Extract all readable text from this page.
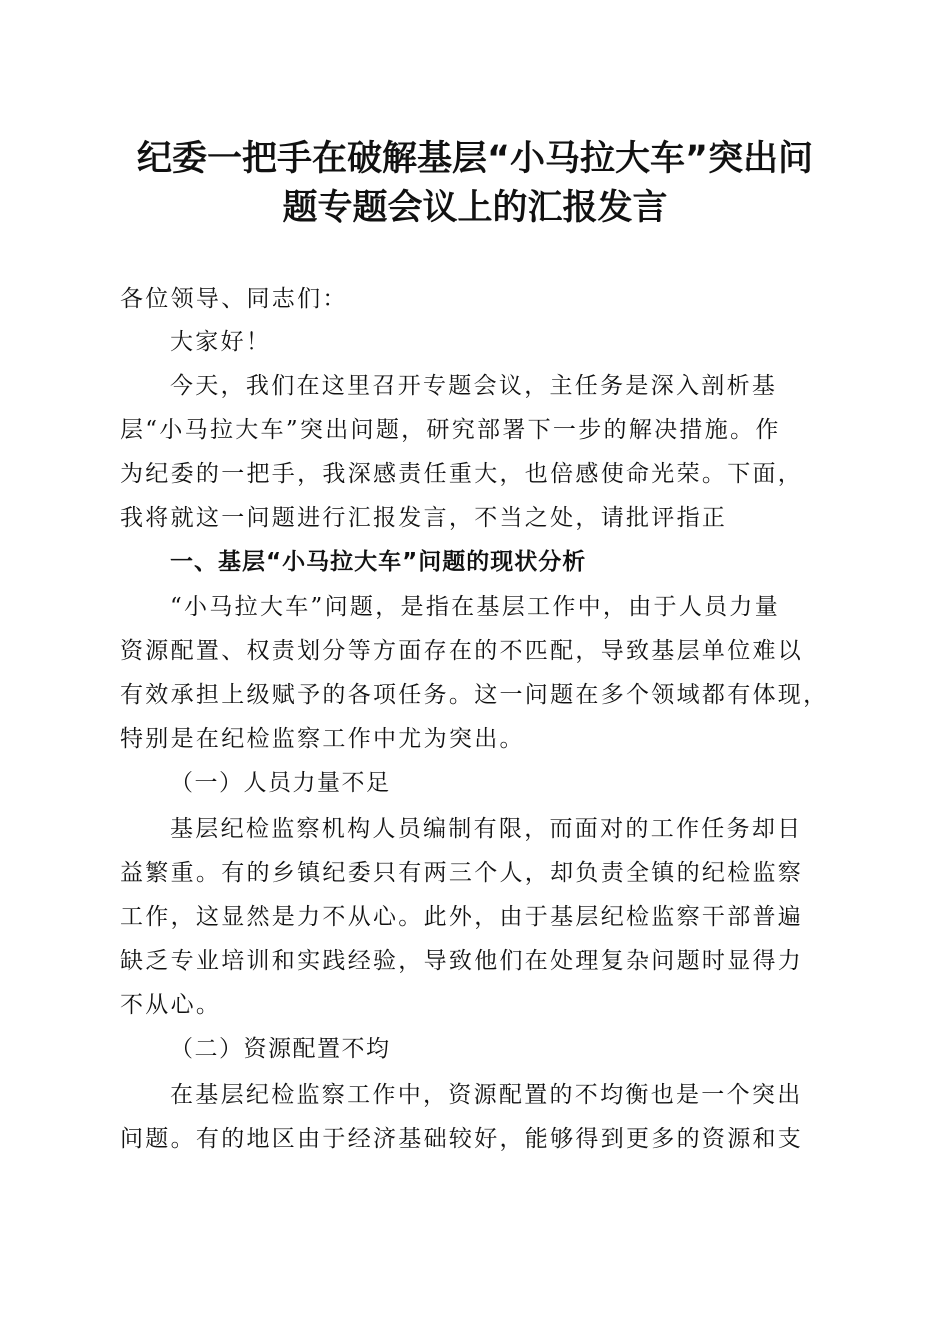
纪委一把手在破解基层“小马拉大车”突出问
题专题会议上的汇报发言
各位领导、同志们：
大家好！
今天，我们在这里召开专题会议，主任务是深入剖析基
层“小马拉大车”突出问题，研究部署下一步的解决措施。作
为纪委的一把手，我深感责任重大，也倍感使命光荣。下面，
我将就这一问题进行汇报发言，不当之处，请批评指正
一、基层“小马拉大车”问题的现状分析
“小马拉大车”问题，是指在基层工作中，由于人员力量
资源配置、权责划分等方面存在的不匹配，导致基层单位难以
有效承担上级赋予的各项任务。这一问题在多个领域都有体现，
特别是在纪检监察工作中尤为突出。
（一）人员力量不足
基层纪检监察机构人员编制有限，而面对的工作任务却日
益繁重。有的乡镇纪委只有两三个人，却负责全镇的纪检监察
工作，这显然是力不从心。此外，由于基层纪检监察干部普遍
缺乏专业培训和实践经验，导致他们在处理复杂问题时显得力
不从心。
（二）资源配置不均
在基层纪检监察工作中，资源配置的不均衡也是一个突出
问题。有的地区由于经济基础较好，能够得到更多的资源和支
